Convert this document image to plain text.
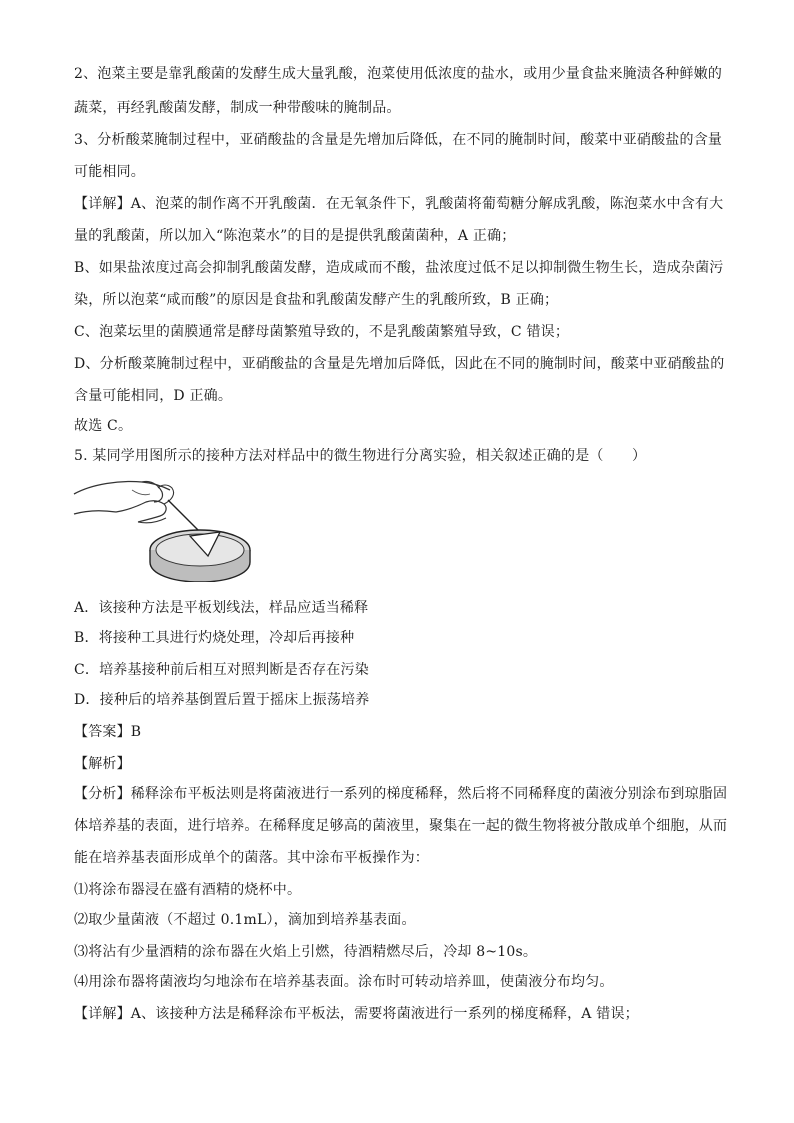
2、泡菜主要是靠乳酸菌的发酵生成大量乳酸，泡菜使用低浓度的盐水，或用少量食盐来腌渍各种鲜嫩的
蔬菜，再经乳酸菌发酵，制成一种带酸味的腌制品。
3、分析酸菜腌制过程中，亚硝酸盐的含量是先增加后降低，在不同的腌制时间，酸菜中亚硝酸盐的含量
可能相同。
【详解】A、泡菜的制作离不开乳酸菌．在无氧条件下，乳酸菌将葡萄糖分解成乳酸，陈泡菜水中含有大
量的乳酸菌，所以加入“陈泡菜水”的目的是提供乳酸菌菌种，A 正确；
B、如果盐浓度过高会抑制乳酸菌发酵，造成咸而不酸，盐浓度过低不足以抑制微生物生长，造成杂菌污
染，所以泡菜“咸而酸”的原因是食盐和乳酸菌发酵产生的乳酸所致，B 正确；
C、泡菜坛里的菌膜通常是酵母菌繁殖导致的，不是乳酸菌繁殖导致，C 错误；
D、分析酸菜腌制过程中，亚硝酸盐的含量是先增加后降低，因此在不同的腌制时间，酸菜中亚硝酸盐的
含量可能相同，D 正确。
故选 C。
5. 某同学用图所示的接种方法对样品中的微生物进行分离实验，相关叙述正确的是（　　）
A．该接种方法是平板划线法，样品应适当稀释
B．将接种工具进行灼烧处理，冷却后再接种
C．培养基接种前后相互对照判断是否存在污染
D．接种后的培养基倒置后置于摇床上振荡培养
【答案】B
【解析】
【分析】稀释涂布平板法则是将菌液进行一系列的梯度稀释，然后将不同稀释度的菌液分别涂布到琼脂固
体培养基的表面，进行培养。在稀释度足够高的菌液里，聚集在一起的微生物将被分散成单个细胞，从而
能在培养基表面形成单个的菌落。其中涂布平板操作为：
⑴将涂布器浸在盛有酒精的烧杯中。
⑵取少量菌液（不超过 0.1mL），滴加到培养基表面。
⑶将沾有少量酒精的涂布器在火焰上引燃，待酒精燃尽后，冷却 8~10s。
⑷用涂布器将菌液均匀地涂布在培养基表面。涂布时可转动培养皿，使菌液分布均匀。
【详解】A、该接种方法是稀释涂布平板法，需要将菌液进行一系列的梯度稀释，A 错误；
